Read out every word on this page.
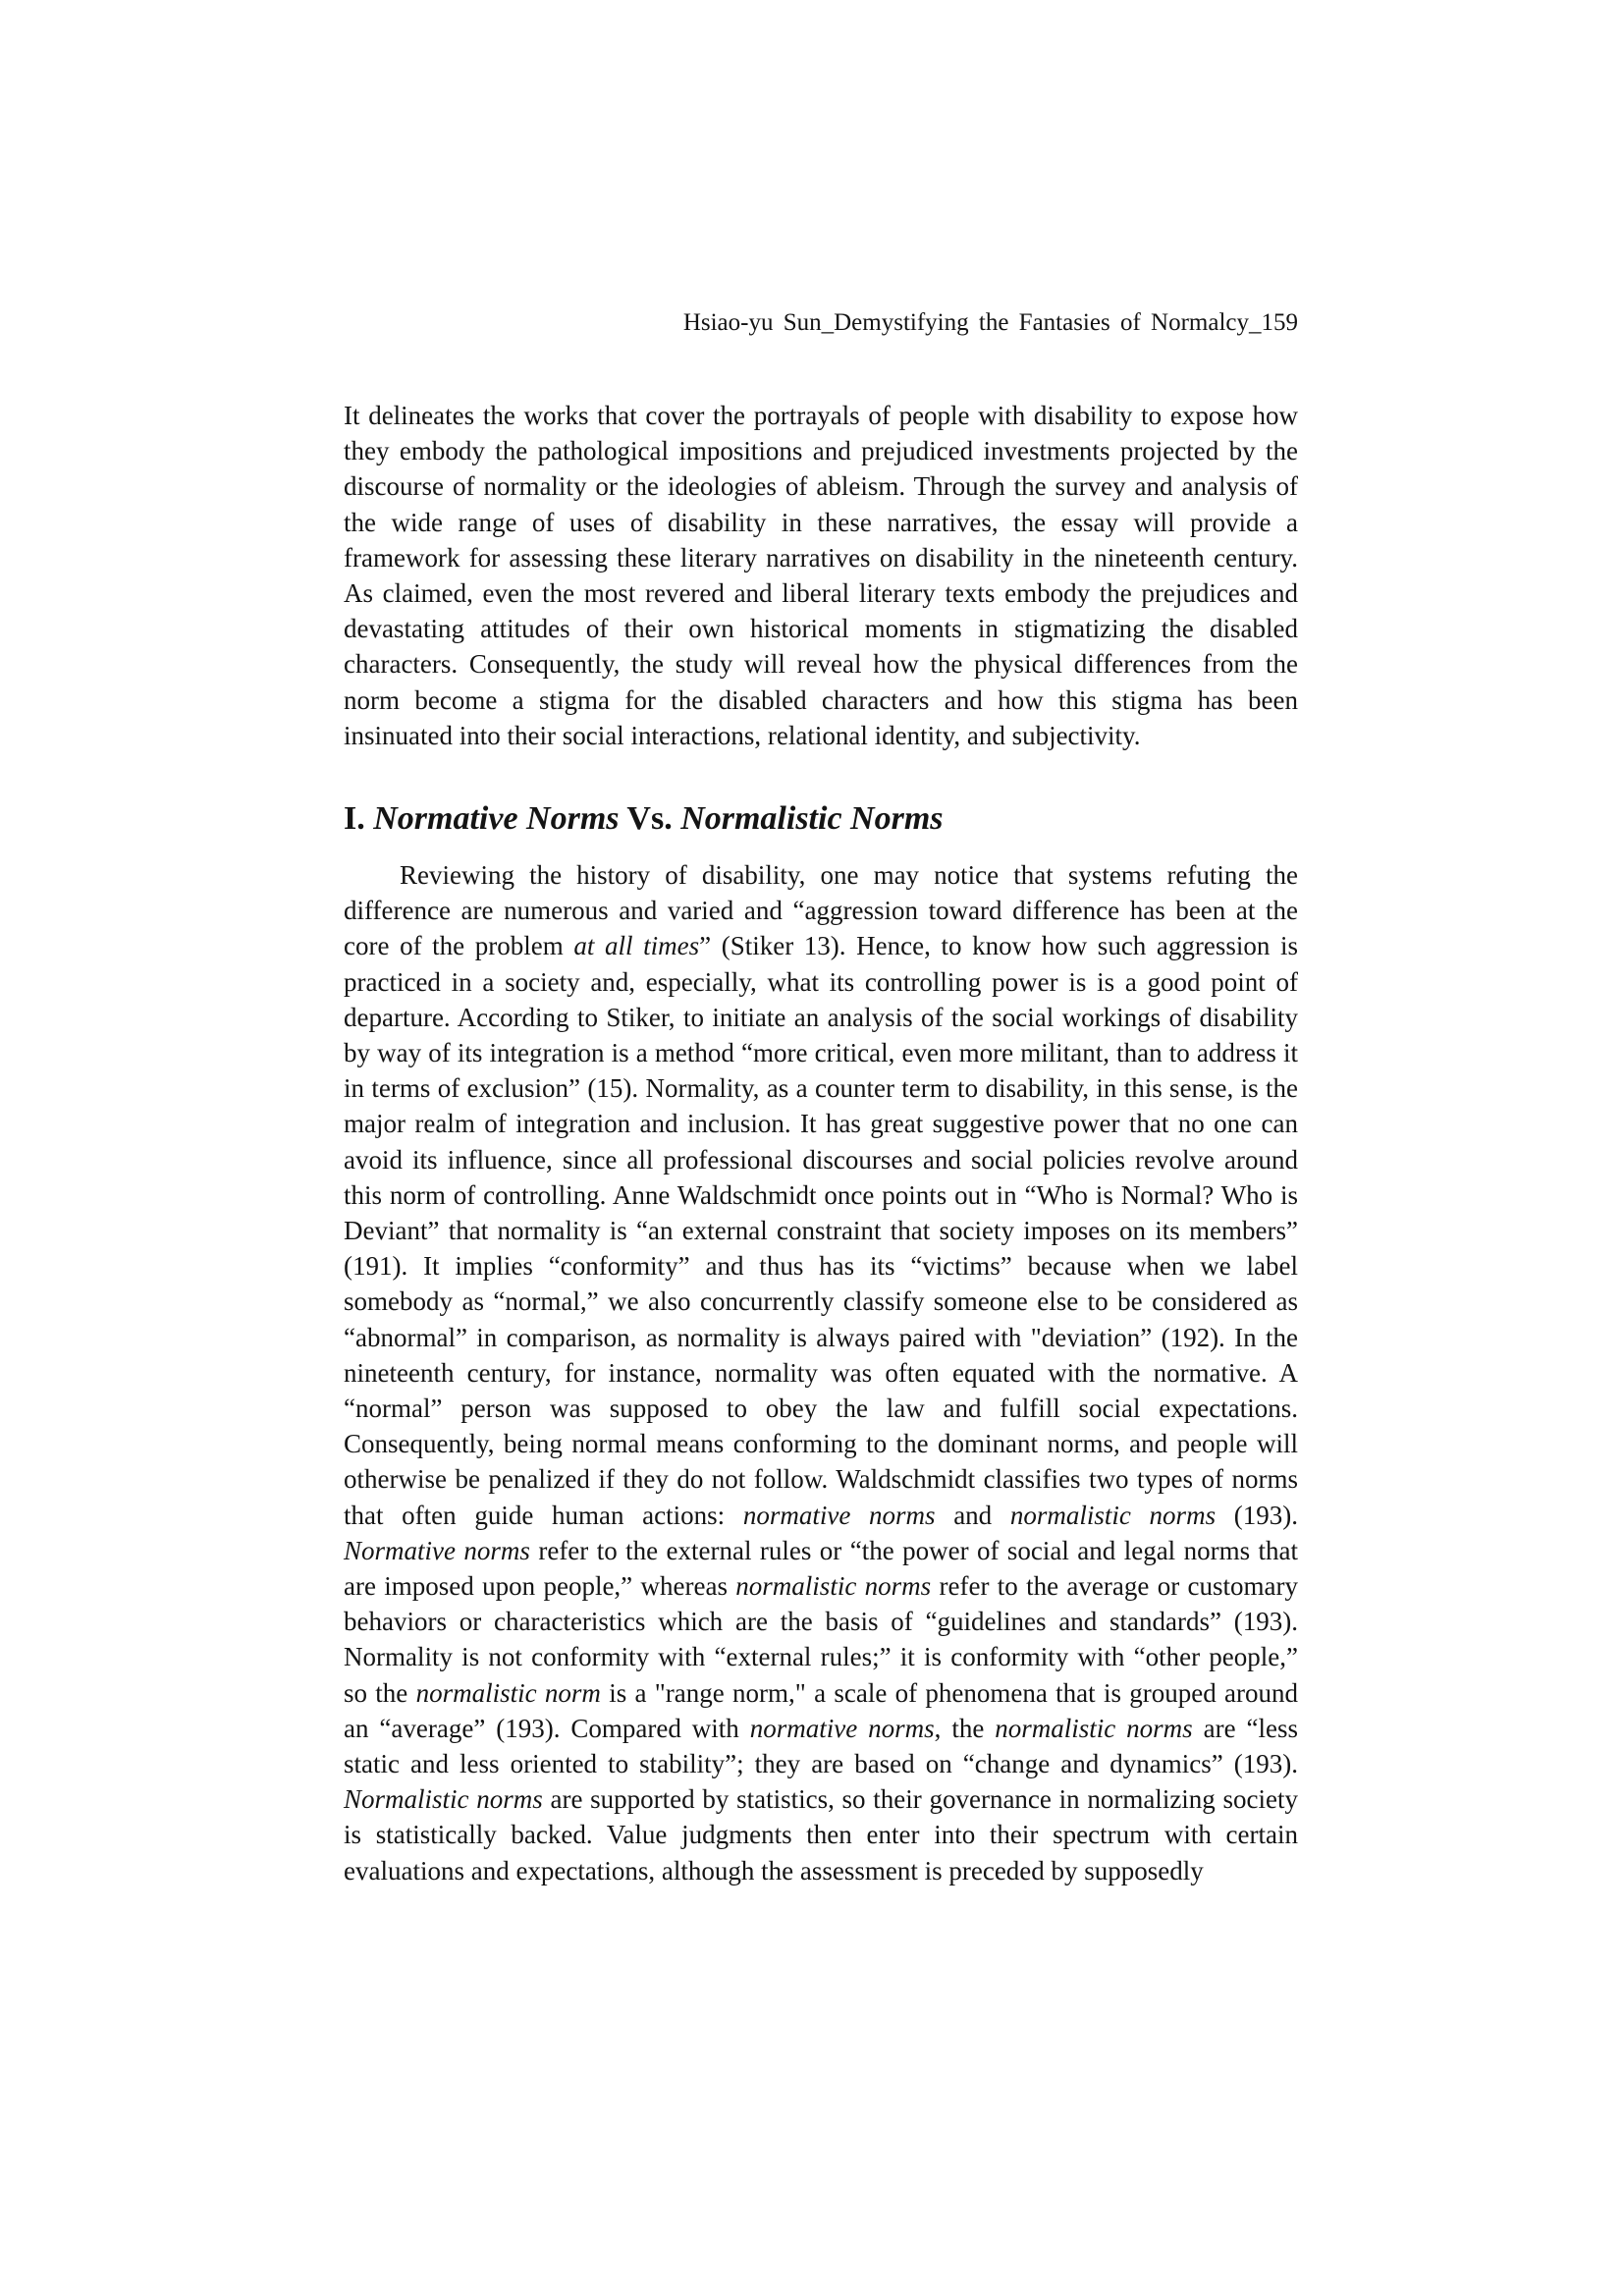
Hsiao-yu Sun_Demystifying the Fantasies of Normalcy_159

It delineates the works that cover the portrayals of people with disability to expose how they embody the pathological impositions and prejudiced investments projected by the discourse of normality or the ideologies of ableism. Through the survey and analysis of the wide range of uses of disability in these narratives, the essay will provide a framework for assessing these literary narratives on disability in the nineteenth century. As claimed, even the most revered and liberal literary texts embody the prejudices and devastating attitudes of their own historical moments in stigmatizing the disabled characters. Consequently, the study will reveal how the physical differences from the norm become a stigma for the disabled characters and how this stigma has been insinuated into their social interactions, relational identity, and subjectivity.

I. Normative Norms Vs. Normalistic Norms

Reviewing the history of disability, one may notice that systems refuting the difference are numerous and varied and “aggression toward difference has been at the core of the problem at all times” (Stiker 13). Hence, to know how such aggression is practiced in a society and, especially, what its controlling power is is a good point of departure. According to Stiker, to initiate an analysis of the social workings of disability by way of its integration is a method “more critical, even more militant, than to address it in terms of exclusion” (15). Normality, as a counter term to disability, in this sense, is the major realm of integration and inclusion. It has great suggestive power that no one can avoid its influence, since all professional discourses and social policies revolve around this norm of controlling. Anne Waldschmidt once points out in “Who is Normal? Who is Deviant” that normality is “an external constraint that society imposes on its members” (191). It implies “conformity” and thus has its “victims” because when we label somebody as “normal,” we also concurrently classify someone else to be considered as “abnormal” in comparison, as normality is always paired with "deviation” (192). In the nineteenth century, for instance, normality was often equated with the normative. A “normal” person was supposed to obey the law and fulfill social expectations. Consequently, being normal means conforming to the dominant norms, and people will otherwise be penalized if they do not follow. Waldschmidt classifies two types of norms that often guide human actions: normative norms and normalistic norms (193). Normative norms refer to the external rules or “the power of social and legal norms that are imposed upon people,” whereas normalistic norms refer to the average or customary behaviors or characteristics which are the basis of “guidelines and standards” (193). Normality is not conformity with “external rules;” it is conformity with “other people,” so the normalistic norm is a "range norm," a scale of phenomena that is grouped around an “average” (193). Compared with normative norms, the normalistic norms are “less static and less oriented to stability”; they are based on “change and dynamics” (193). Normalistic norms are supported by statistics, so their governance in normalizing society is statistically backed. Value judgments then enter into their spectrum with certain evaluations and expectations, although the assessment is preceded by supposedly
